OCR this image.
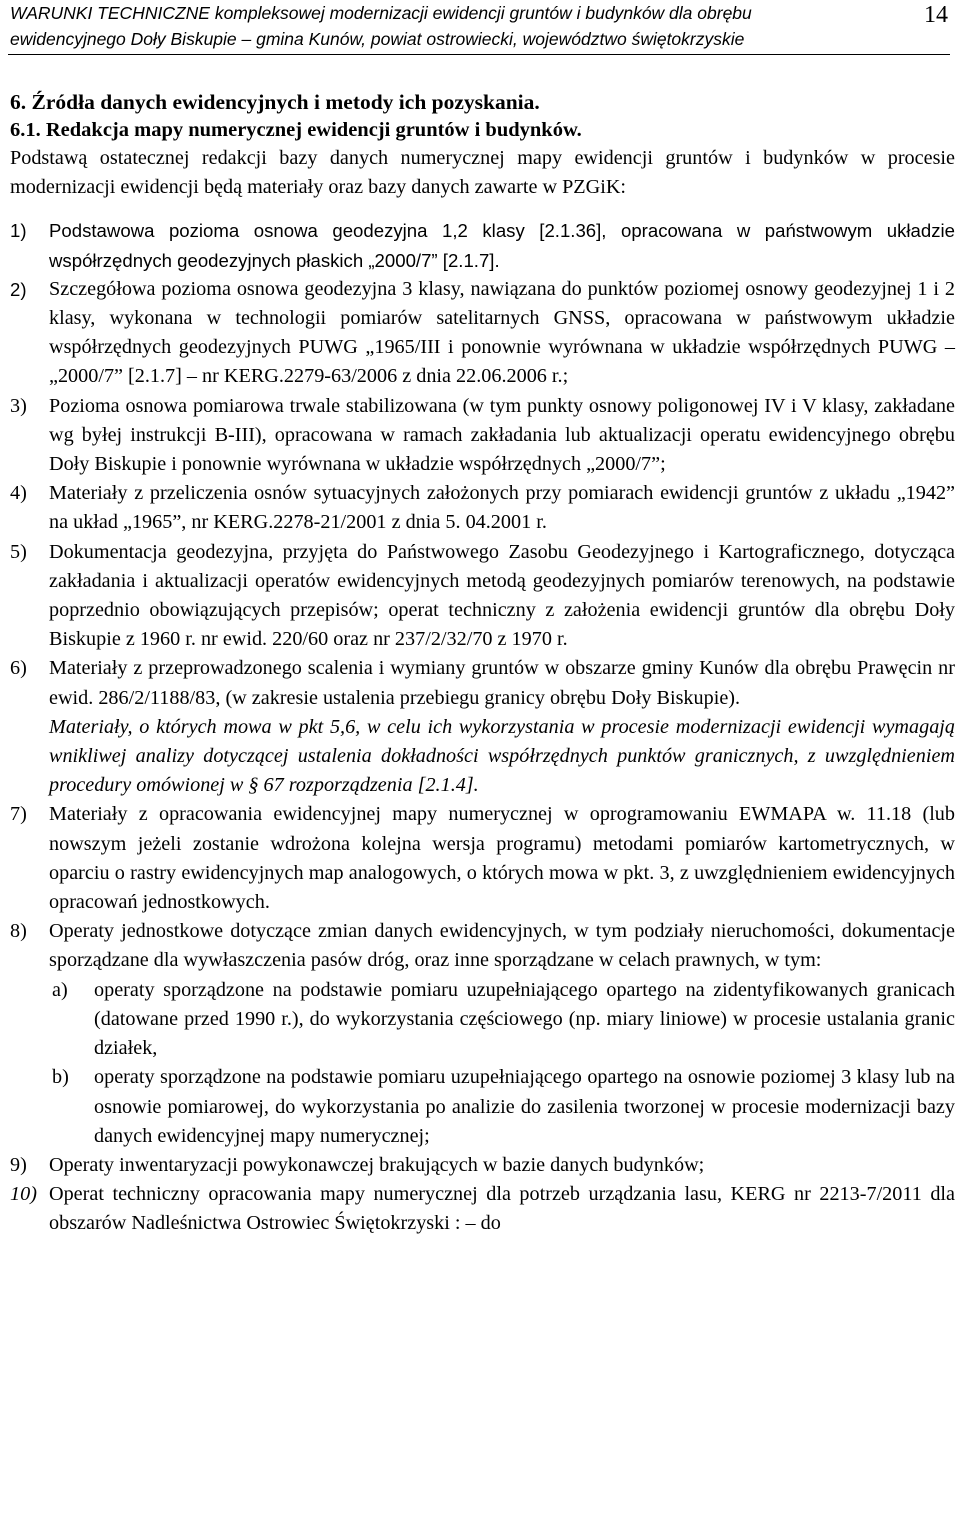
WARUNKI TECHNICZNE kompleksowej modernizacji ewidencji gruntów i budynków dla obrębu
ewidencyjnego Doły Biskupie – gmina Kunów, powiat ostrowiecki, województwo świętokrzyskie
14
6. Źródła danych ewidencyjnych i metody ich pozyskania.
6.1. Redakcja mapy numerycznej ewidencji gruntów i budynków.

Podstawą ostatecznej redakcji bazy danych numerycznej mapy ewidencji gruntów i budynków w procesie modernizacji ewidencji będą materiały oraz bazy danych zawarte w PZGiK:

1) Podstawowa pozioma osnowa geodezyjna 1,2 klasy [2.1.36], opracowana w państwowym układzie współrzędnych geodezyjnych płaskich „2000/7” [2.1.7].
2) Szczegółowa pozioma osnowa geodezyjna 3 klasy, nawiązana do punktów poziomej osnowy geodezyjnej 1 i 2 klasy, wykonana w technologii pomiarów satelitarnych GNSS, opracowana w państwowym układzie współrzędnych geodezyjnych PUWG „1965/III i ponownie wyrównana w układzie współrzędnych PUWG – „2000/7” [2.1.7] – nr KERG.2279-63/2006 z dnia 22.06.2006 r.;
3) Pozioma osnowa pomiarowa trwale stabilizowana (w tym punkty osnowy poligonowej IV i V klasy, zakładane wg byłej instrukcji B-III), opracowana w ramach zakładania lub aktualizacji operatu ewidencyjnego obrębu Doły Biskupie i ponownie wyrównana w układzie współrzędnych „2000/7”;
4) Materiały z przeliczenia osnów sytuacyjnych założonych przy pomiarach ewidencji gruntów z układu „1942” na układ „1965”, nr KERG.2278-21/2001 z dnia 5. 04.2001 r.
5) Dokumentacja geodezyjna, przyjęta do Państwowego Zasobu Geodezyjnego i Kartograficznego, dotycząca zakładania i aktualizacji operatów ewidencyjnych metodą geodezyjnych pomiarów terenowych, na podstawie poprzednio obowiązujących przepisów; operat techniczny z założenia ewidencji gruntów dla obrębu Doły Biskupie z 1960 r. nr ewid. 220/60 oraz nr 237/2/32/70 z 1970 r.
6) Materiały z przeprowadzonego scalenia i wymiany gruntów w obszarze gminy Kunów dla obrębu Prawęcin nr ewid. 286/2/1188/83, (w zakresie ustalenia przebiegu granicy obrębu Doły Biskupie).
Materiały, o których mowa w pkt 5,6, w celu ich wykorzystania w procesie modernizacji ewidencji wymagają wnikliwej analizy dotyczącej ustalenia dokładności współrzędnych punktów granicznych, z uwzględnieniem procedury omówionej w § 67 rozporządzenia [2.1.4].
7) Materiały z opracowania ewidencyjnej mapy numerycznej w oprogramowaniu EWMAPA w. 11.18 (lub nowszym jeżeli zostanie wdrożona kolejna wersja programu) metodami pomiarów kartometrycznych, w oparciu o rastry ewidencyjnych map analogowych, o których mowa w pkt. 3, z uwzględnieniem ewidencyjnych opracowań jednostkowych.
8) Operaty jednostkowe dotyczące zmian danych ewidencyjnych, w tym podziały nieruchomości, dokumentacje sporządzane dla wywłaszczenia pasów dróg, oraz inne sporządzane w celach prawnych, w tym:
a) operaty sporządzone na podstawie pomiaru uzupełniającego opartego na zidentyfikowanych granicach (datowane przed 1990 r.), do wykorzystania częściowego (np. miary liniowe) w procesie ustalania granic działek,
b) operaty sporządzone na podstawie pomiaru uzupełniającego opartego na osnowie poziomej 3 klasy lub na osnowie pomiarowej, do wykorzystania po analizie do zasilenia tworzonej w procesie modernizacji bazy danych ewidencyjnej mapy numerycznej;
9) Operaty inwentaryzacji powykonawczej brakujących w bazie danych budynków;
10) Operat techniczny opracowania mapy numerycznej dla potrzeb urządzania lasu, KERG nr 2213-7/2011 dla obszarów Nadleśnictwa Ostrowiec Świętokrzyski : – do
